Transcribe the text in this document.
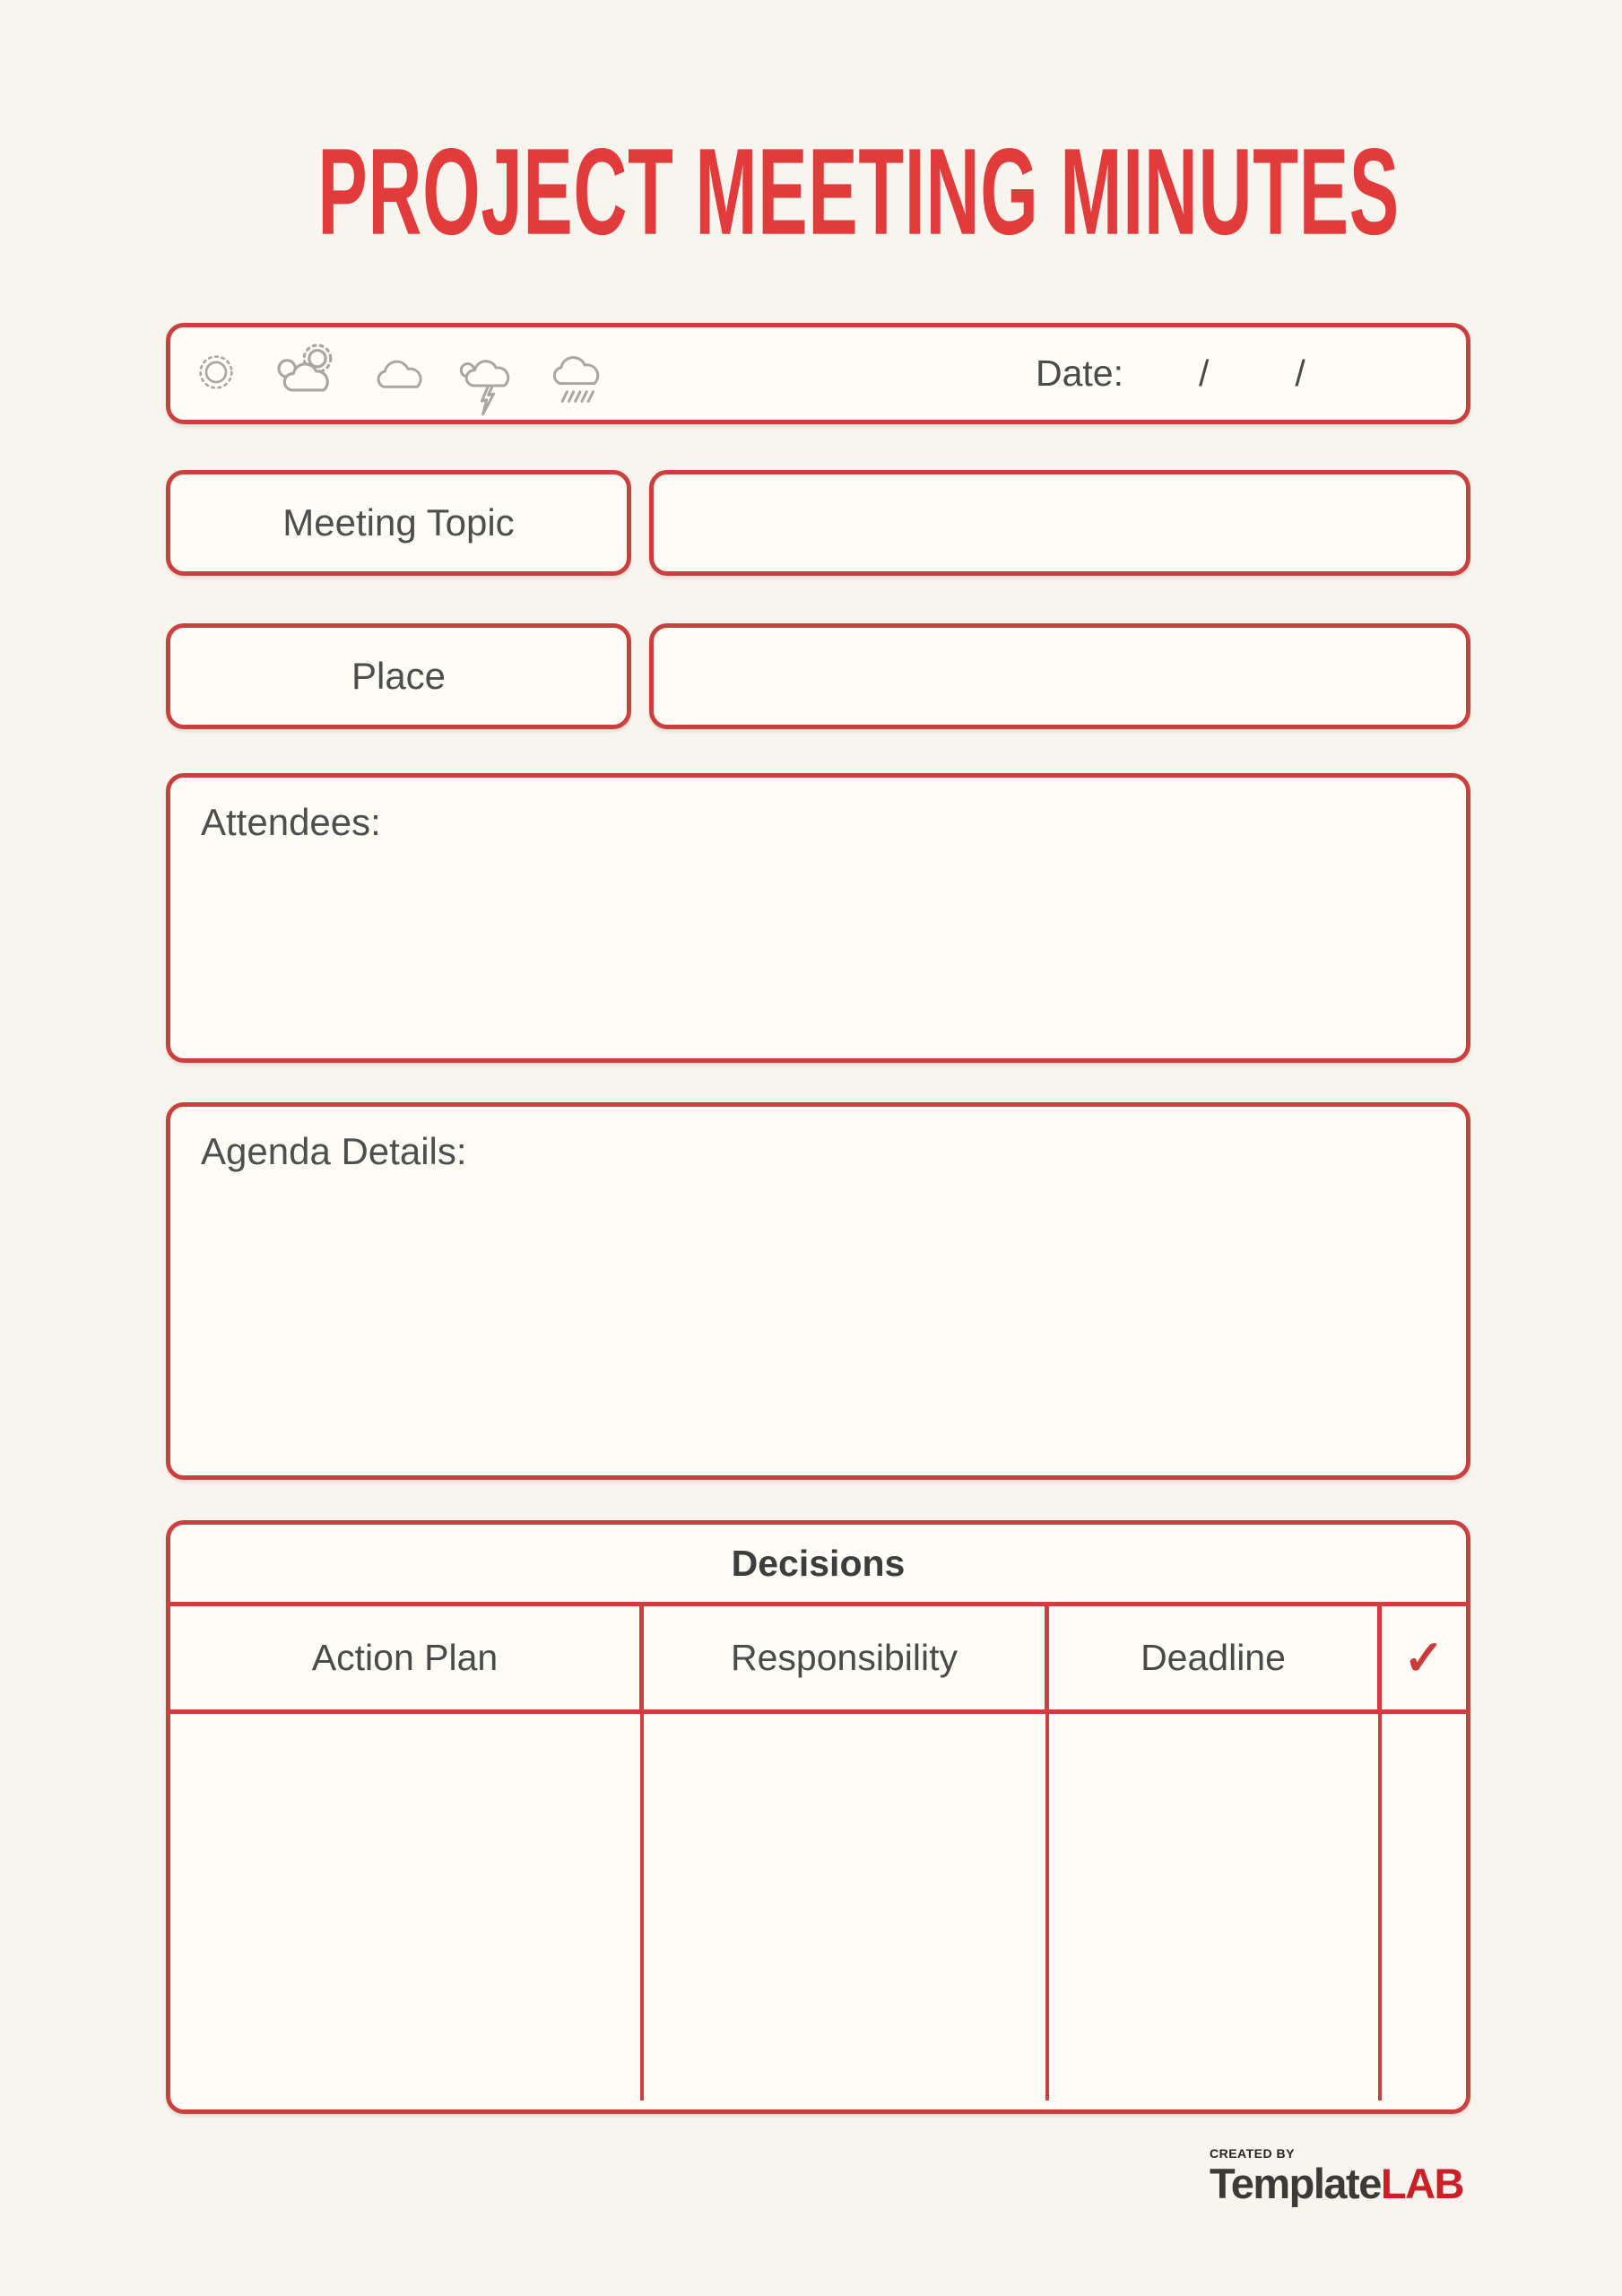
PROJECT MEETING MINUTES
Date: / /
Meeting Topic
Place
Attendees:
Agenda Details:
Decisions
Action Plan	Responsibility	Deadline	✓
CREATED BY
TemplateLAB
